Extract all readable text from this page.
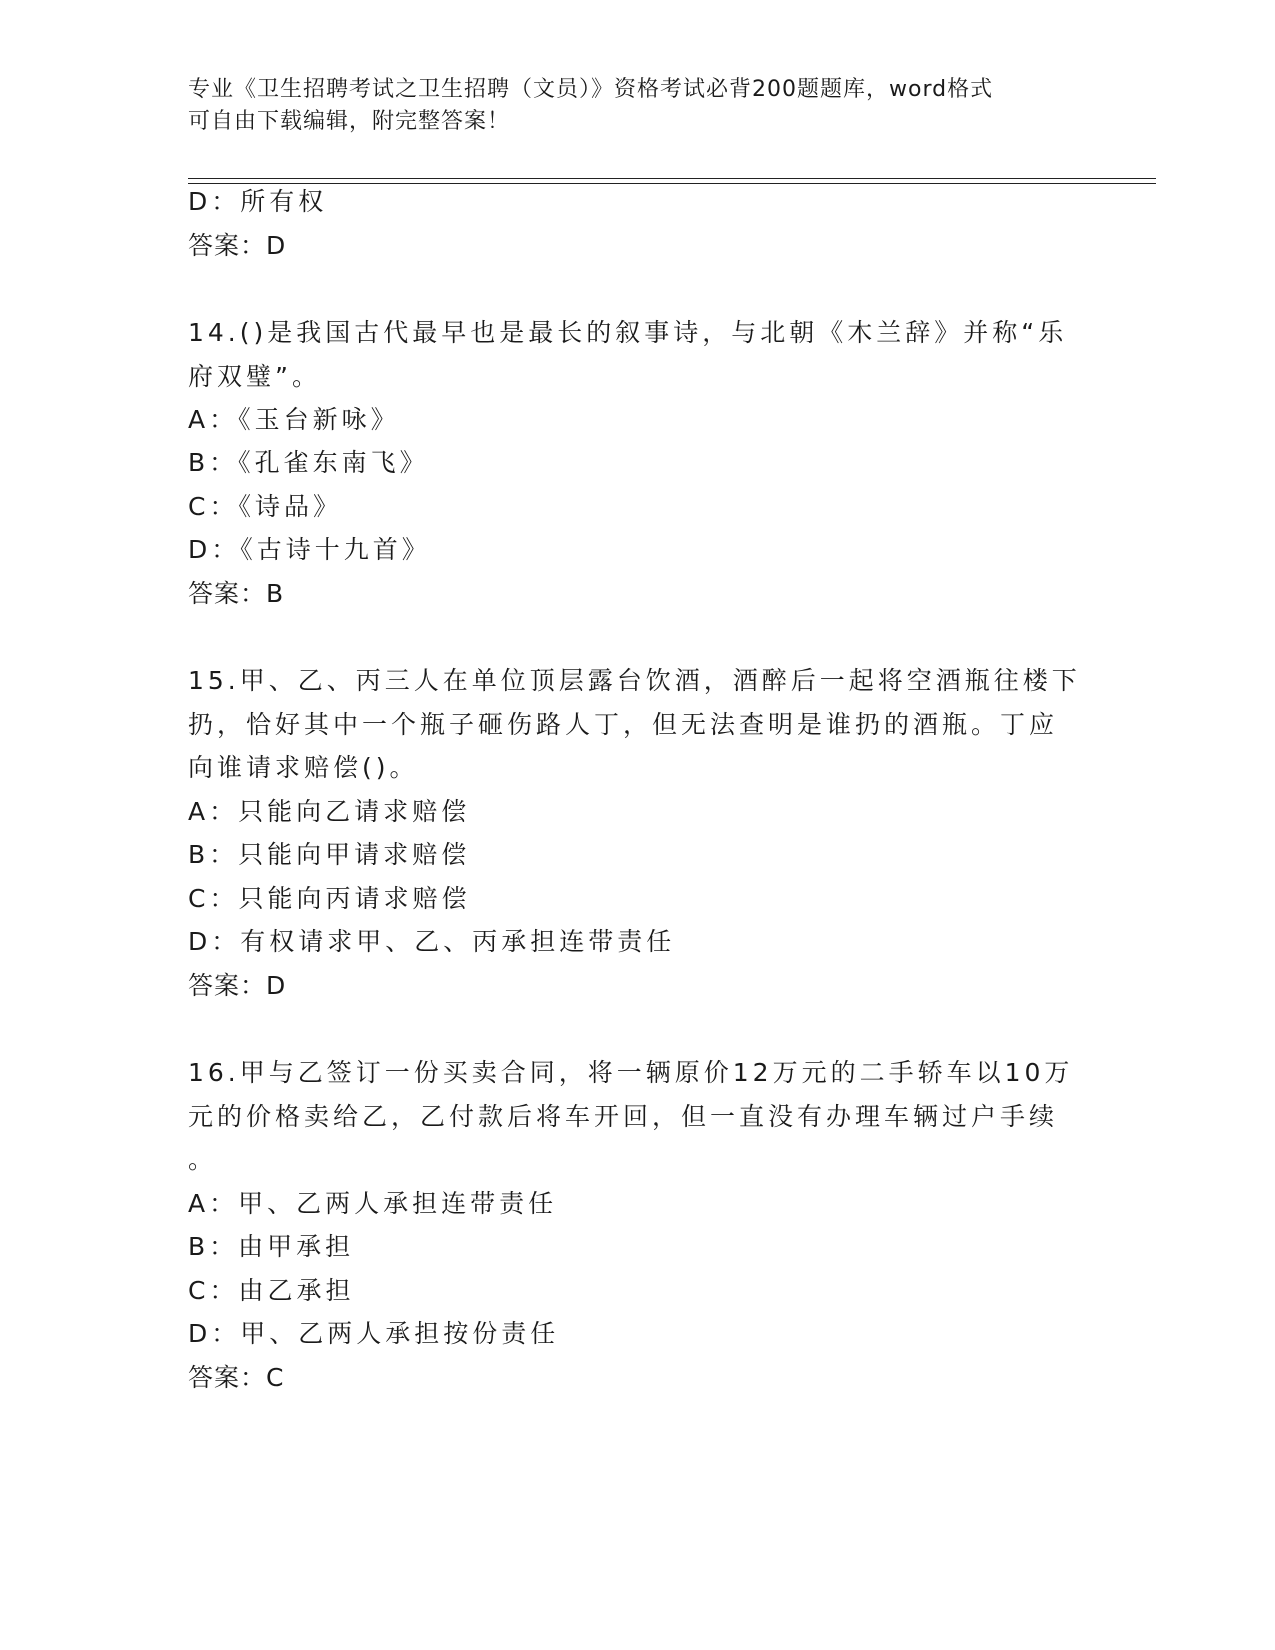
专业《卫生招聘考试之卫生招聘（文员）》资格考试必背200题题库，word格式
可自由下载编辑，附完整答案！
D：所有权
答案：D
14.()是我国古代最早也是最长的叙事诗，与北朝《木兰辞》并称“乐
府双璧”。
A：《玉台新咏》
B：《孔雀东南飞》
C：《诗品》
D：《古诗十九首》
答案：B
15.甲、乙、丙三人在单位顶层露台饮酒，酒醉后一起将空酒瓶往楼下
扔，恰好其中一个瓶子砸伤路人丁，但无法查明是谁扔的酒瓶。丁应
向谁请求赔偿()。
A：只能向乙请求赔偿
B：只能向甲请求赔偿
C：只能向丙请求赔偿
D：有权请求甲、乙、丙承担连带责任
答案：D
16.甲与乙签订一份买卖合同，将一辆原价12万元的二手轿车以10万
元的价格卖给乙，乙付款后将车开回，但一直没有办理车辆过户手续
。
A：甲、乙两人承担连带责任
B：由甲承担
C：由乙承担
D：甲、乙两人承担按份责任
答案：C
